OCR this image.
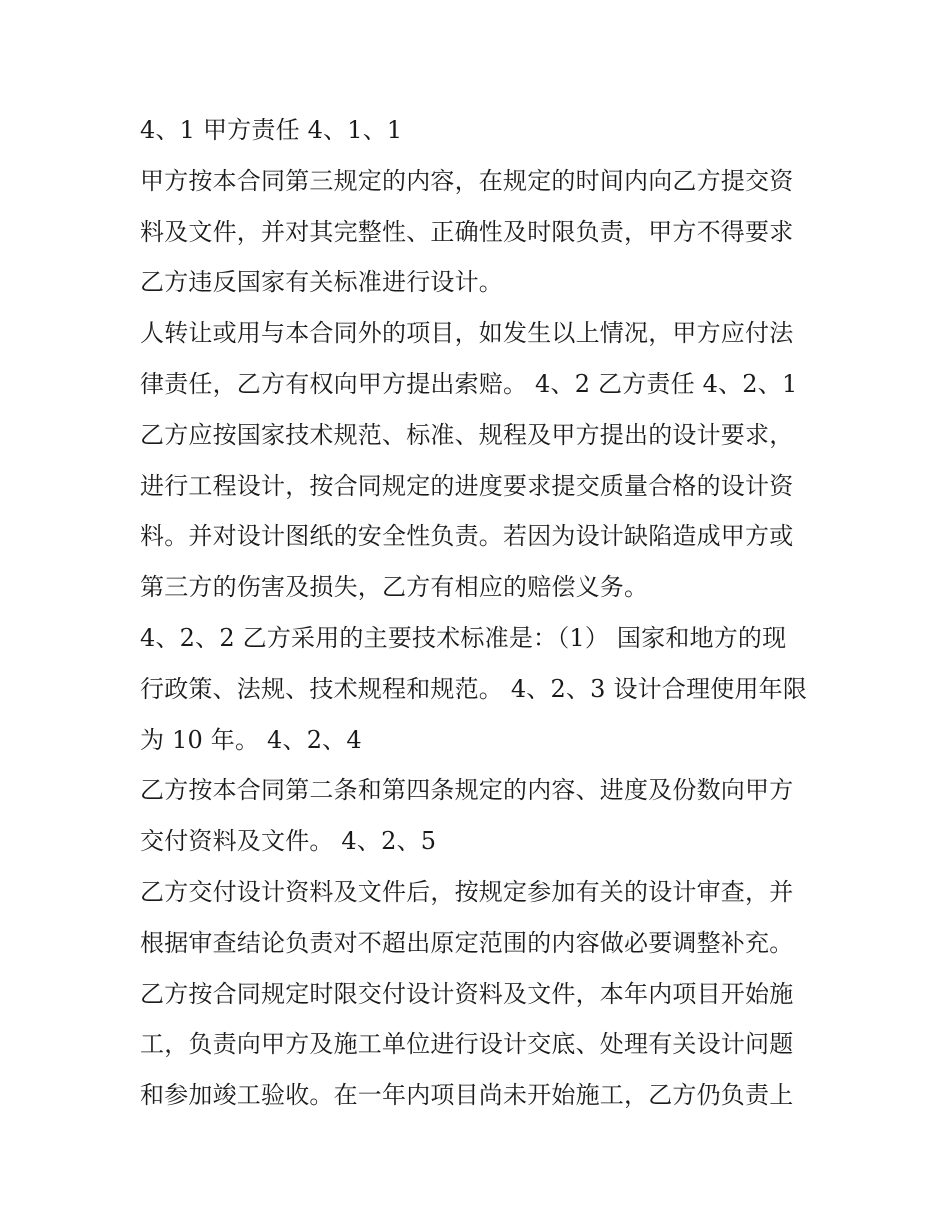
4、1 甲方责任 4、1、1
甲方按本合同第三规定的内容，在规定的时间内向乙方提交资
料及文件，并对其完整性、正确性及时限负责，甲方不得要求
乙方违反国家有关标准进行设计。
人转让或用与本合同外的项目，如发生以上情况，甲方应付法
律责任，乙方有权向甲方提出索赔。 4、2 乙方责任 4、2、1
乙方应按国家技术规范、标准、规程及甲方提出的设计要求，
进行工程设计，按合同规定的进度要求提交质量合格的设计资
料。并对设计图纸的安全性负责。若因为设计缺陷造成甲方或
第三方的伤害及损失，乙方有相应的赔偿义务。
4、2、2 乙方采用的主要技术标准是：（1） 国家和地方的现
行政策、法规、技术规程和规范。 4、2、3 设计合理使用年限
为 10 年。 4、2、4
乙方按本合同第二条和第四条规定的内容、进度及份数向甲方
交付资料及文件。 4、2、5
乙方交付设计资料及文件后，按规定参加有关的设计审查，并
根据审查结论负责对不超出原定范围的内容做必要调整补充。
乙方按合同规定时限交付设计资料及文件，本年内项目开始施
工，负责向甲方及施工单位进行设计交底、处理有关设计问题
和参加竣工验收。在一年内项目尚未开始施工，乙方仍负责上
